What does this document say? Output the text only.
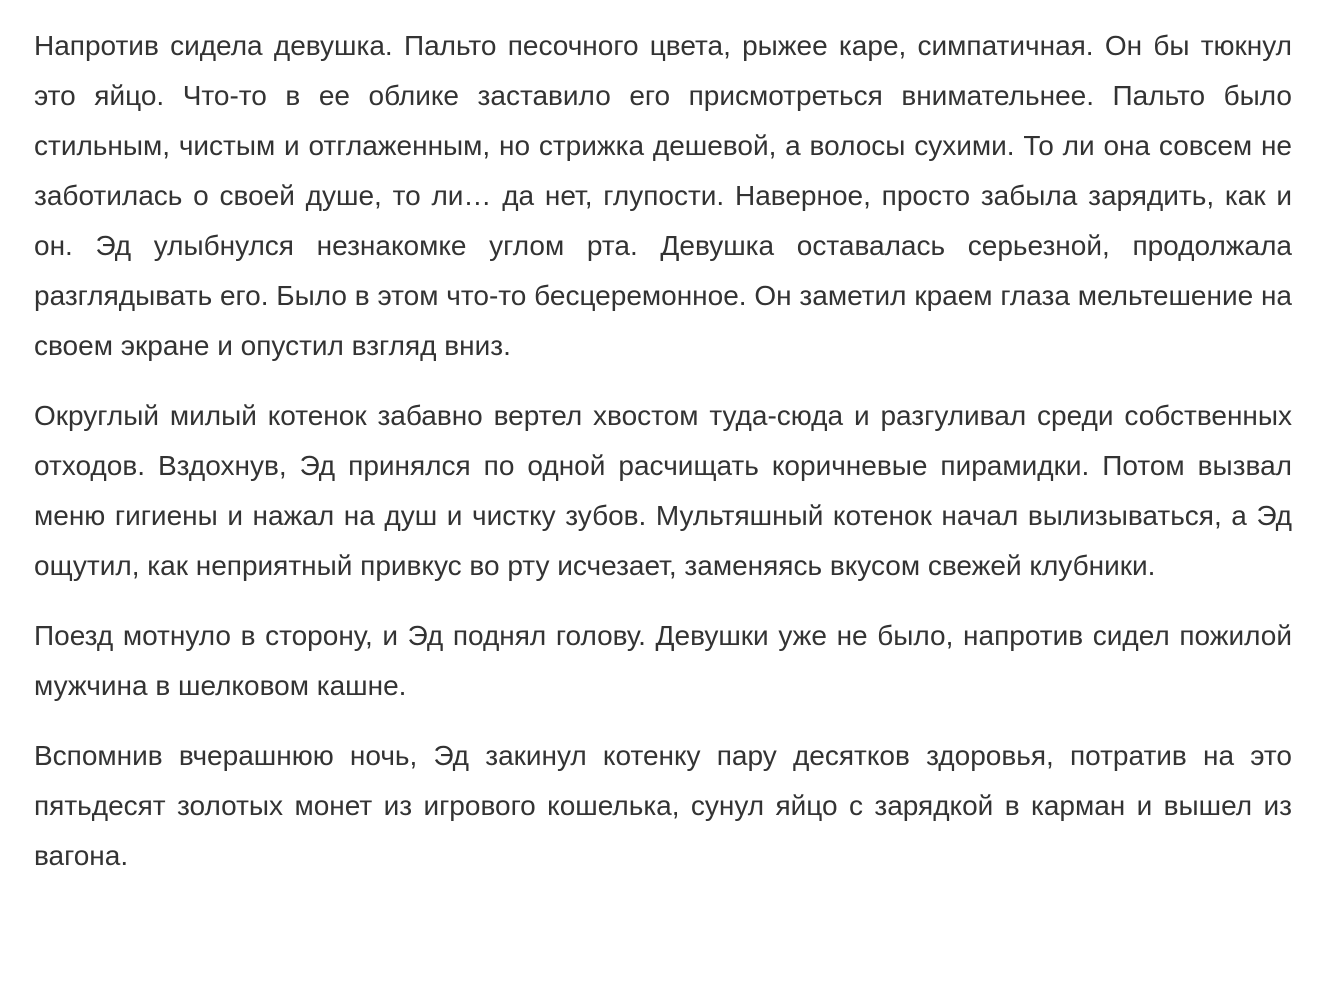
Напротив сидела девушка. Пальто песочного цвета, рыжее каре, симпатичная. Он бы тюкнул это яйцо. Что-то в ее облике заставило его присмотреться внимательнее. Пальто было стильным, чистым и отглаженным, но стрижка дешевой, а волосы сухими. То ли она совсем не заботилась о своей душе, то ли… да нет, глупости. Наверное, просто забыла зарядить, как и он. Эд улыбнулся незнакомке углом рта. Девушка оставалась серьезной, продолжала разглядывать его. Было в этом что-то бесцеремонное. Он заметил краем глаза мельтешение на своем экране и опустил взгляд вниз.

Округлый милый котенок забавно вертел хвостом туда-сюда и разгуливал среди собственных отходов. Вздохнув, Эд принялся по одной расчищать коричневые пирамидки. Потом вызвал меню гигиены и нажал на душ и чистку зубов. Мультяшный котенок начал вылизываться, а Эд ощутил, как неприятный привкус во рту исчезает, заменяясь вкусом свежей клубники.

Поезд мотнуло в сторону, и Эд поднял голову. Девушки уже не было, напротив сидел пожилой мужчина в шелковом кашне.

Вспомнив вчерашнюю ночь, Эд закинул котенку пару десятков здоровья, потратив на это пятьдесят золотых монет из игрового кошелька, сунул яйцо с зарядкой в карман и вышел из вагона.
